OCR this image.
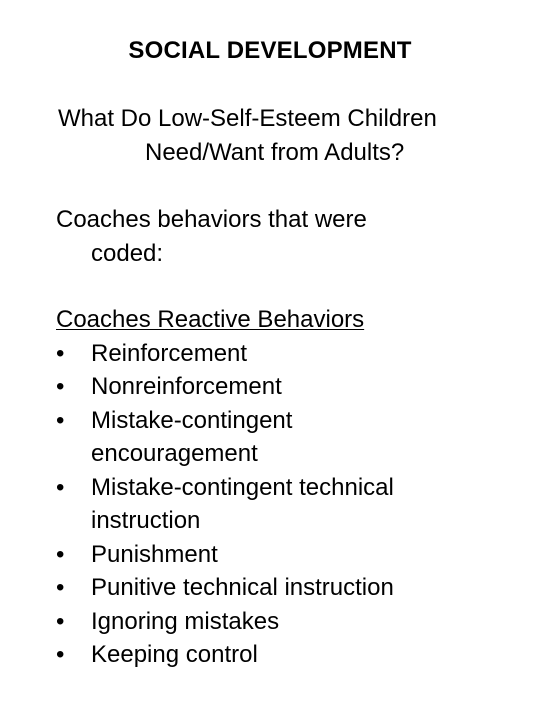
SOCIAL DEVELOPMENT
What Do Low-Self-Esteem Children
Need/Want from Adults?
Coaches behaviors that were
coded:
Coaches Reactive Behaviors
• Reinforcement
• Nonreinforcement
• Mistake-contingent
encouragement
• Mistake-contingent technical
instruction
• Punishment
• Punitive technical instruction
• Ignoring mistakes
• Keeping control
